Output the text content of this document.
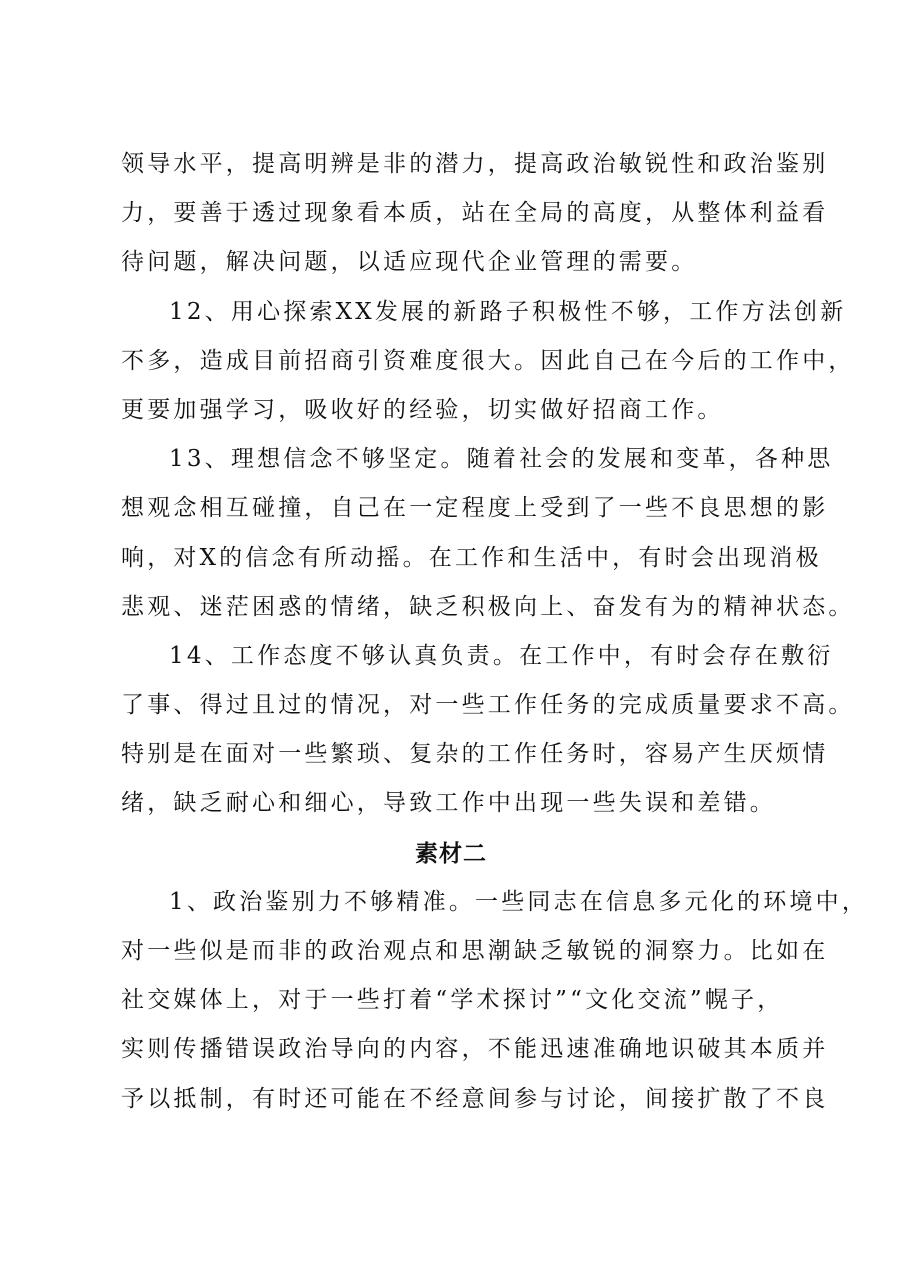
领导水平，提高明辨是非的潜力，提高政治敏锐性和政治鉴别
力，要善于透过现象看本质，站在全局的高度，从整体利益看
待问题，解决问题，以适应现代企业管理的需要。
12、用心探索XX发展的新路子积极性不够，工作方法创新
不多，造成目前招商引资难度很大。因此自己在今后的工作中，
更要加强学习，吸收好的经验，切实做好招商工作。
13、理想信念不够坚定。随着社会的发展和变革，各种思
想观念相互碰撞，自己在一定程度上受到了一些不良思想的影
响，对X的信念有所动摇。在工作和生活中，有时会出现消极
悲观、迷茫困惑的情绪，缺乏积极向上、奋发有为的精神状态。
14、工作态度不够认真负责。在工作中，有时会存在敷衍
了事、得过且过的情况，对一些工作任务的完成质量要求不高。
特别是在面对一些繁琐、复杂的工作任务时，容易产生厌烦情
绪，缺乏耐心和细心，导致工作中出现一些失误和差错。
素材二
1、政治鉴别力不够精准。一些同志在信息多元化的环境中，
对一些似是而非的政治观点和思潮缺乏敏锐的洞察力。比如在
社交媒体上，对于一些打着“学术探讨”“文化交流”幌子，
实则传播错误政治导向的内容，不能迅速准确地识破其本质并
予以抵制，有时还可能在不经意间参与讨论，间接扩散了不良
